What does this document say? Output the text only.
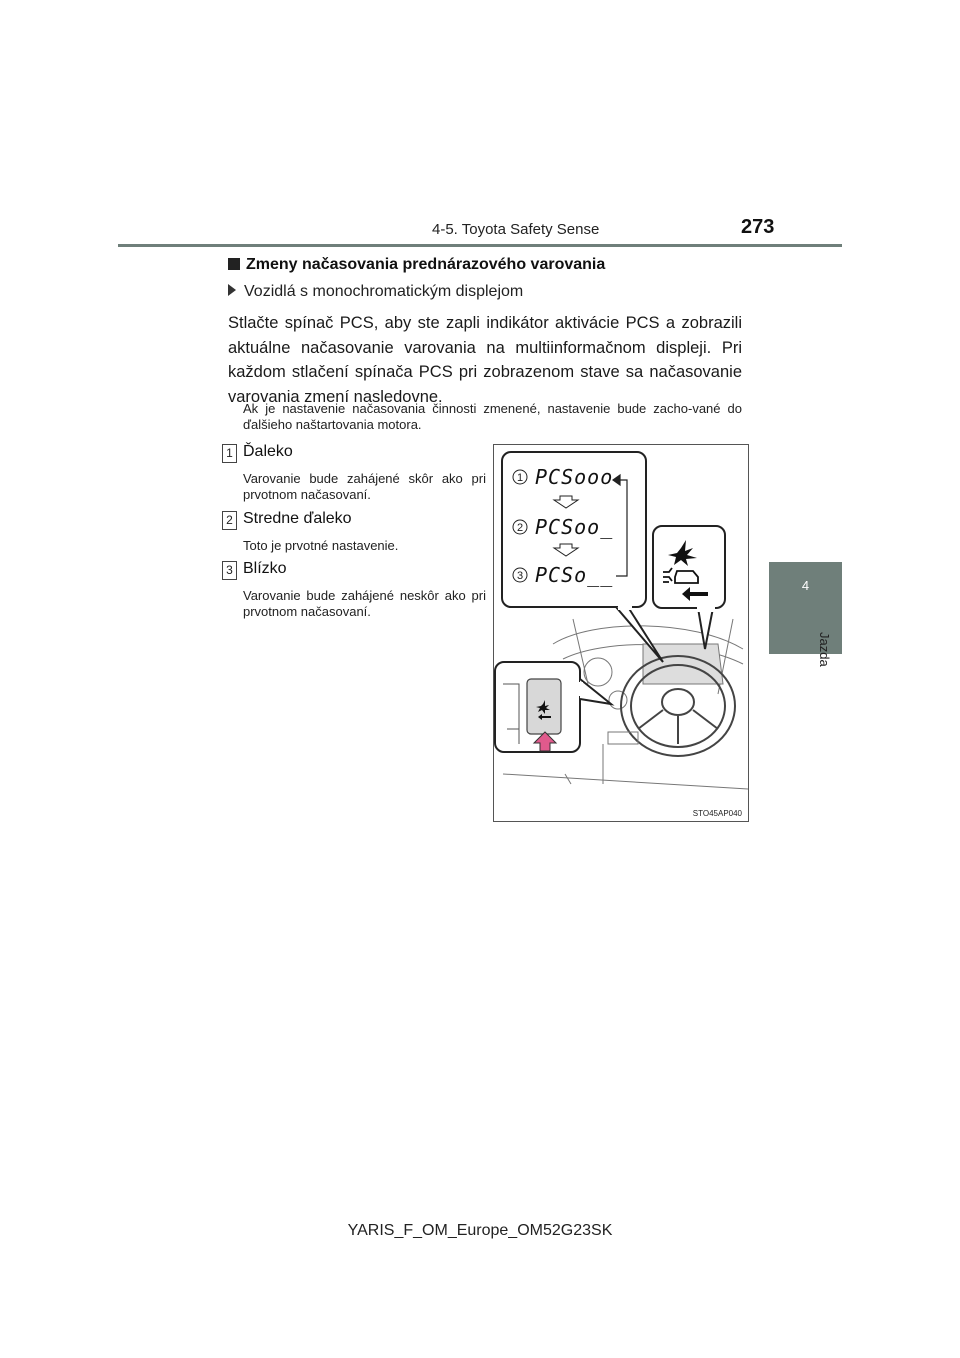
4-5. Toyota Safety Sense	273
4
Jazda
Zmeny načasovania prednárazového varovania
Vozidlá s monochromatickým displejom
Stlačte spínač PCS, aby ste zapli indikátor aktivácie PCS a zobrazili aktuálne načasovanie varovania na multiinformačnom displeji. Pri každom stlačení spínača PCS pri zobrazenom stave sa načasovanie varovania zmení nasledovne.
Ak je nastavenie načasovania činnosti zmenené, nastavenie bude zacho-vané do ďalšieho naštartovania motora.
1 Ďaleko
Varovanie bude zahájené skôr ako pri prvotnom načasovaní.
2 Stredne ďaleko
Toto je prvotné nastavenie.
3 Blízko
Varovanie bude zahájené neskôr ako pri prvotnom načasovaní.
1 PCSooo
2 PCSoo_
3 PCSo__
STO45AP040
YARIS_F_OM_Europe_OM52G23SK
